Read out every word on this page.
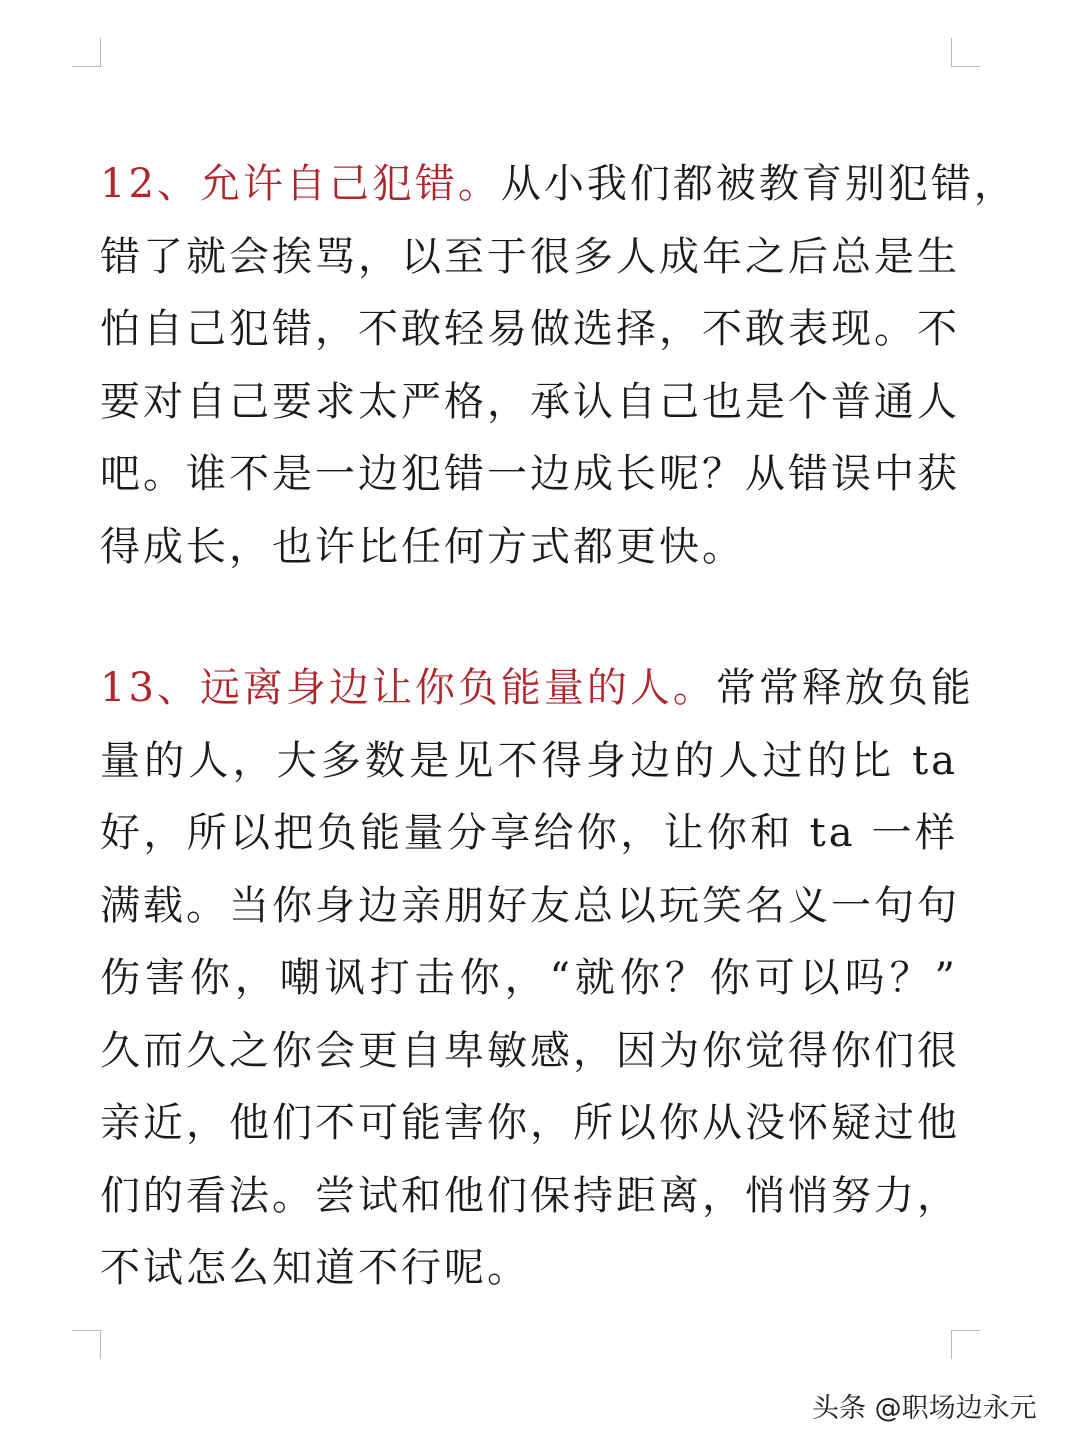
12、允许自己犯错。从小我们都被教育别犯错，
错了就会挨骂，以至于很多人成年之后总是生
怕自己犯错，不敢轻易做选择，不敢表现。不
要对自己要求太严格，承认自己也是个普通人
吧。谁不是一边犯错一边成长呢？从错误中获
得成长，也许比任何方式都更快。
13、远离身边让你负能量的人。常常释放负能
量的人，大多数是见不得身边的人过的比 ta
好，所以把负能量分享给你，让你和 ta 一样
满载。当你身边亲朋好友总以玩笑名义一句句
伤害你，嘲讽打击你，“就你？你可以吗？”
久而久之你会更自卑敏感，因为你觉得你们很
亲近，他们不可能害你，所以你从没怀疑过他
们的看法。尝试和他们保持距离，悄悄努力，
不试怎么知道不行呢。
头条 @职场边永元
